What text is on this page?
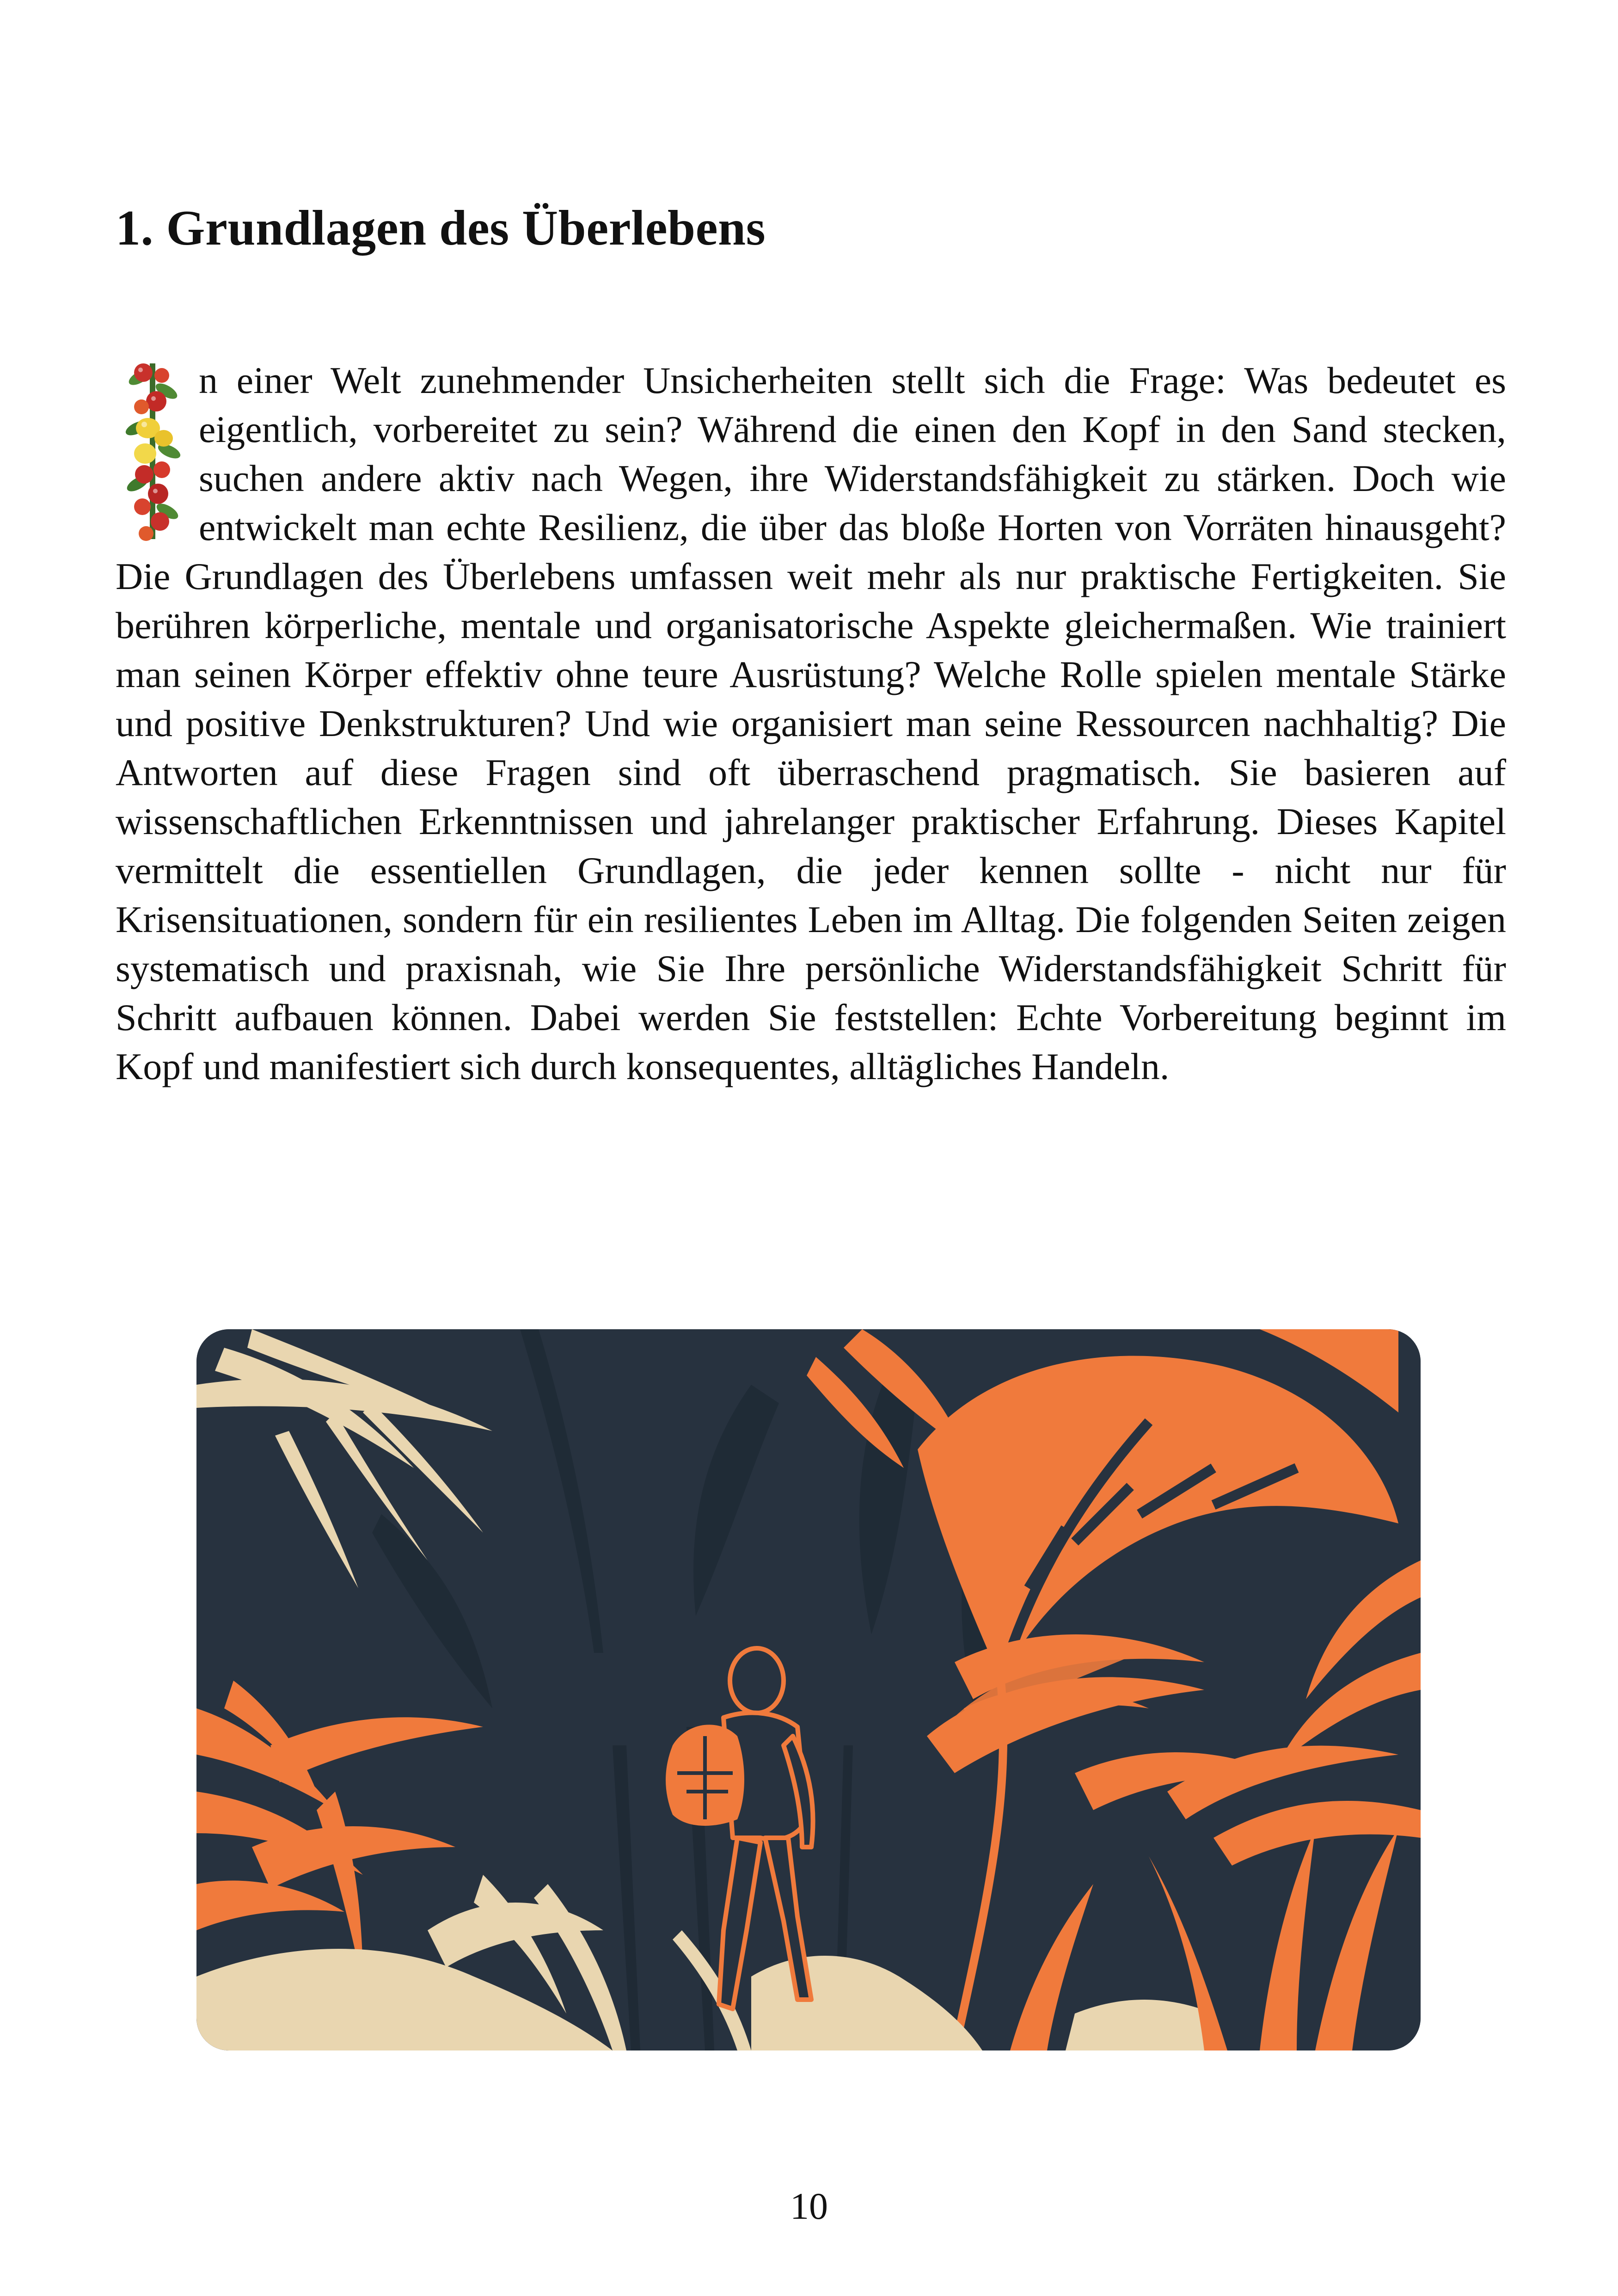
1. Grundlagen des Überlebens

n einer Welt zunehmender Unsicherheiten stellt sich die Frage: Was bedeutet es eigentlich, vorbereitet zu sein? Während die einen den Kopf in den Sand stecken, suchen andere aktiv nach Wegen, ihre Widerstandsfähigkeit zu stärken. Doch wie entwickelt man echte Resilienz, die über das bloße Horten von Vorräten hinausgeht? Die Grundlagen des Überlebens umfassen weit mehr als nur praktische Fertigkeiten. Sie berühren körperliche, mentale und organisatorische Aspekte gleichermaßen. Wie trainiert man seinen Körper effektiv ohne teure Ausrüstung? Welche Rolle spielen mentale Stärke und positive Denkstrukturen? Und wie organisiert man seine Ressourcen nachhaltig? Die Antworten auf diese Fragen sind oft überraschend pragmatisch. Sie basieren auf wissenschaftlichen Erkenntnissen und jahrelanger praktischer Erfahrung. Dieses Kapitel vermittelt die essentiellen Grundlagen, die jeder kennen sollte - nicht nur für Krisensituationen, sondern für ein resilientes Leben im Alltag. Die folgenden Seiten zeigen systematisch und praxisnah, wie Sie Ihre persönliche Widerstandsfähigkeit Schritt für Schritt aufbauen können. Dabei werden Sie feststellen: Echte Vorbereitung beginnt im Kopf und manifestiert sich durch konsequentes, alltägliches Handeln.

10
